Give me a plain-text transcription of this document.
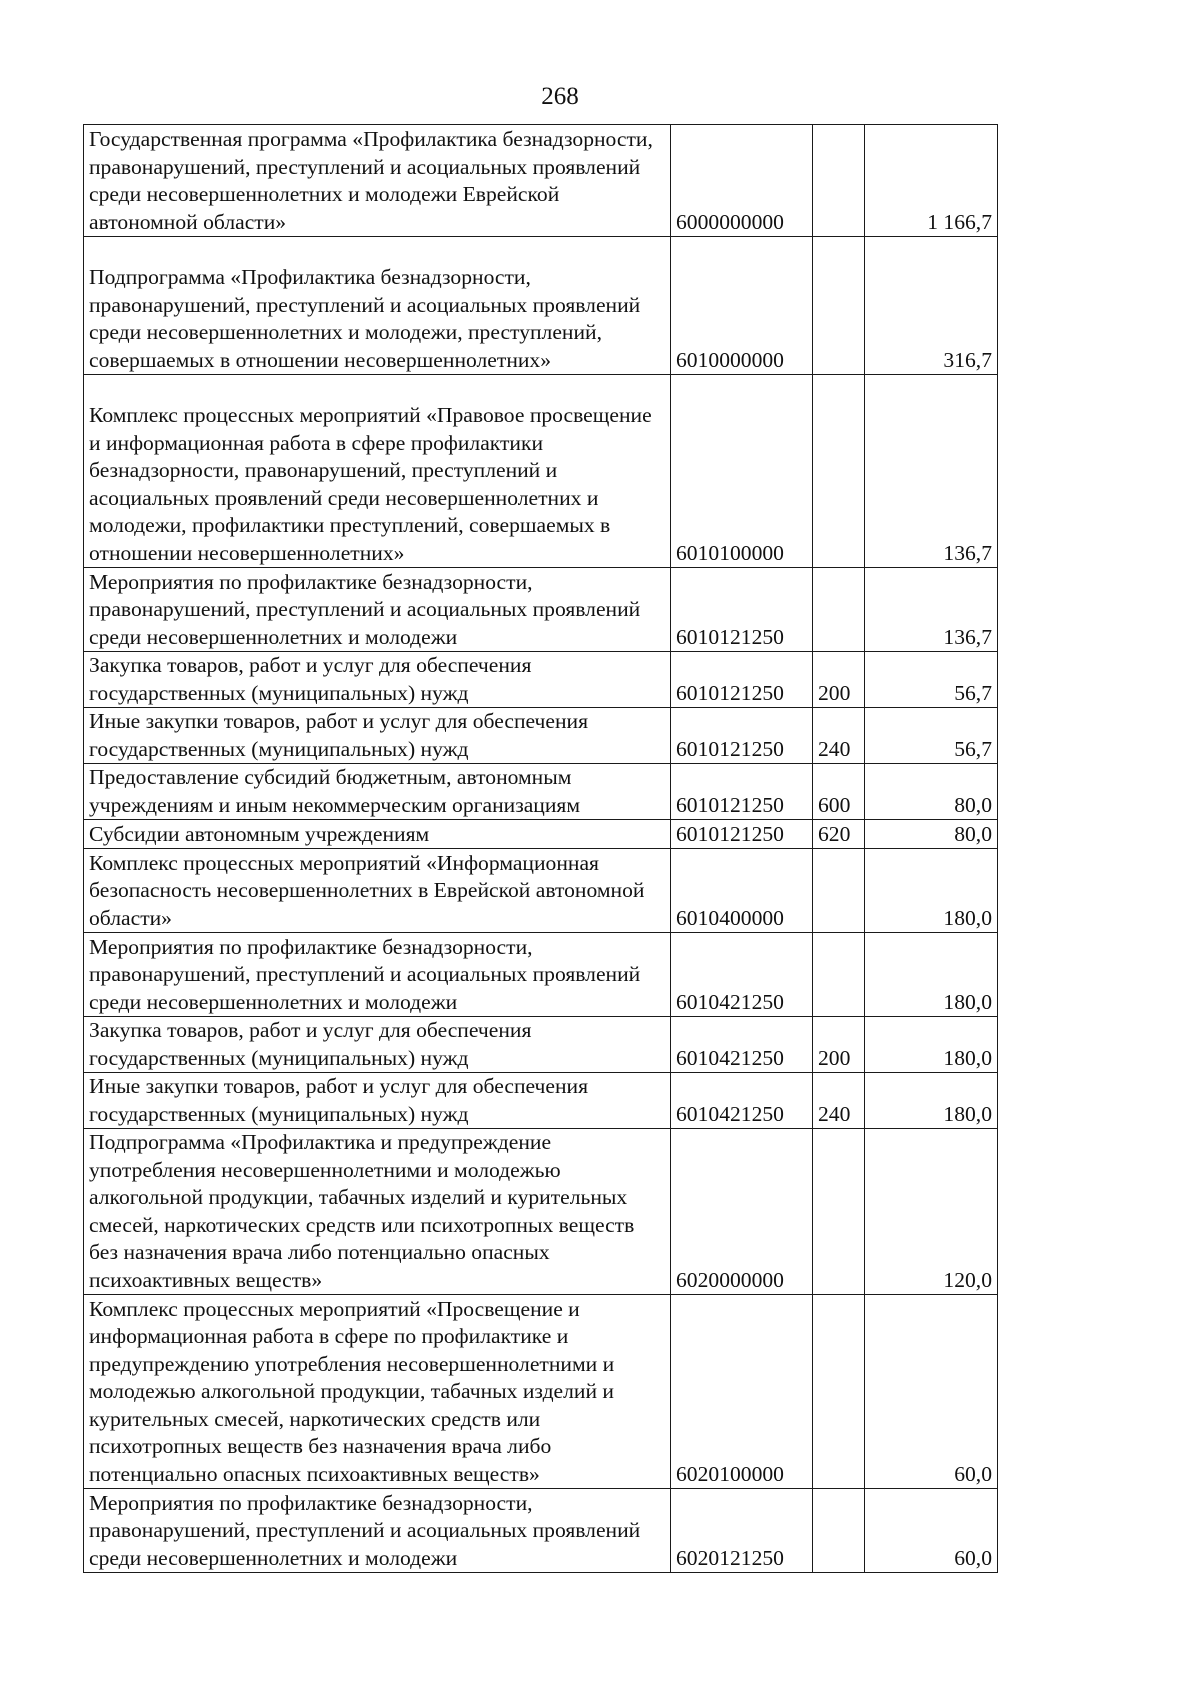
268
Государственная программа «Профилактика безнадзорности, правонарушений, преступлений и асоциальных проявлений среди несовершеннолетних и молодежи Еврейской автономной области»	6000000000		1 166,7
Подпрограмма «Профилактика безнадзорности, правонарушений, преступлений и асоциальных проявлений среди несовершеннолетних и молодежи, преступлений, совершаемых в отношении несовершеннолетних»	6010000000		316,7
Комплекс процессных мероприятий «Правовое просвещение и информационная работа в сфере профилактики безнадзорности, правонарушений, преступлений и асоциальных проявлений среди несовершеннолетних и молодежи, профилактики преступлений, совершаемых в отношении несовершеннолетних»	6010100000		136,7
Мероприятия по профилактике безнадзорности, правонарушений, преступлений и асоциальных проявлений среди несовершеннолетних и молодежи	6010121250		136,7
Закупка товаров, работ и услуг для обеспечения государственных (муниципальных) нужд	6010121250	200	56,7
Иные закупки товаров, работ и услуг для обеспечения государственных (муниципальных) нужд	6010121250	240	56,7
Предоставление субсидий бюджетным, автономным учреждениям и иным некоммерческим организациям	6010121250	600	80,0
Субсидии автономным учреждениям	6010121250	620	80,0
Комплекс процессных мероприятий «Информационная безопасность несовершеннолетних в Еврейской автономной области»	6010400000		180,0
Мероприятия по профилактике безнадзорности, правонарушений, преступлений и асоциальных проявлений среди несовершеннолетних и молодежи	6010421250		180,0
Закупка товаров, работ и услуг для обеспечения государственных (муниципальных) нужд	6010421250	200	180,0
Иные закупки товаров, работ и услуг для обеспечения государственных (муниципальных) нужд	6010421250	240	180,0
Подпрограмма «Профилактика и предупреждение употребления несовершеннолетними и молодежью алкогольной продукции, табачных изделий и курительных смесей, наркотических средств или психотропных веществ без назначения врача либо потенциально опасных психоактивных веществ»	6020000000		120,0
Комплекс процессных мероприятий «Просвещение и информационная работа в сфере по профилактике и предупреждению употребления несовершеннолетними и молодежью алкогольной продукции, табачных изделий и курительных смесей, наркотических средств или психотропных веществ без назначения врача либо потенциально опасных психоактивных веществ»	6020100000		60,0
Мероприятия по профилактике безнадзорности, правонарушений, преступлений и асоциальных проявлений среди несовершеннолетних и молодежи	6020121250		60,0
